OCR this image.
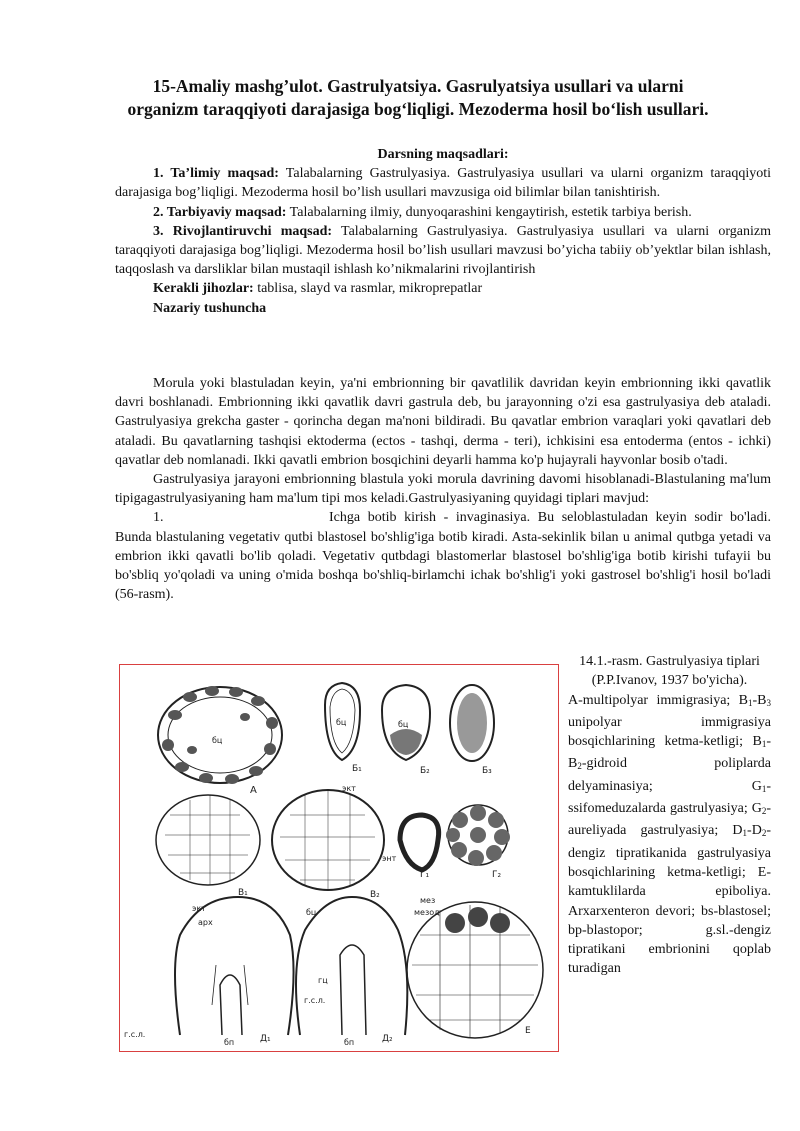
15-Amaliy mashg’ulot. Gastrulyatsiya. Gasrulyatsiya usullari va ularni organizm taraqqiyoti darajasiga bog‘liqligi. Mezoderma hosil bo‘lish usullari.

Darsning maqsadlari:

1. Ta’limiy maqsad: Talabalarning Gastrulyasiya. Gastrulyasiya usullari va ularni organizm taraqqiyoti darajasiga bog’liqligi. Mezoderma hosil bo’lish usullari mavzusiga oid bilimlar bilan tanishtirish.

2. Tarbiyaviy maqsad: Talabalarning ilmiy, dunyoqarashini kengaytirish, estetik tarbiya berish.

3. Rivojlantiruvchi maqsad: Talabalarning Gastrulyasiya. Gastrulyasiya usullari va ularni organizm taraqqiyoti darajasiga bog’liqligi. Mezoderma hosil bo’lish usullari mavzusi bo’yicha tabiiy ob’yektlar bilan ishlash, taqqoslash va darsliklar bilan mustaqil ishlash ko’nikmalarini rivojlantirish

Kerakli jihozlar: tablisa, slayd va rasmlar, mikroprepatlar

Nazariy tushuncha

Morula yoki blastuladan keyin, ya'ni embrionning bir qavatlilik davridan keyin embrionning ikki qavatlik davri boshlanadi. Embrionning ikki qavatlik davri gastrula deb, bu jarayonning o'zi esa gastrulyasiya deb ataladi. Gastrulyasiya grekcha gaster - qorincha degan ma'noni bildiradi. Bu qavatlar embrion varaqlari yoki qavatlari deb ataladi. Bu qavatlarning tashqisi ektoderma (ectos - tashqi, derma - teri), ichkisini esa entoderma (entos - ichki) qavatlar deb nomlanadi. Ikki qavatli embrion bosqichini deyarli hamma ko'p hujayrali hayvonlar bosib o'tadi.

Gastrulyasiya jarayoni embrionning blastula yoki morula davrining davomi hisoblanadi-Blastulaning ma'lum tipigagastrulyasiyaning ham ma'lum tipi mos keladi.Gastrulyasiyaning quyidagi tiplari mavjud:

1.	Ichga botib kirish - invaginasiya. Bu seloblastuladan keyin sodir bo'ladi. Bunda blastulaning vegetativ qutbi blastosel bo'shlig'iga botib kiradi. Asta-sekinlik bilan u animal qutbga yetadi va embrion ikki qavatli bo'lib qoladi. Vegetativ qutbdagi blastomerlar blastosel bo'shlig'iga botib kirishi tufayii bu bo'sbliq yo'qoladi va uning o'mida boshqa bo'shliq-birlamchi ichak bo'shlig'i yoki gastrosel bo'shlig'i hosil bo'ladi (56-rasm).

бц
А
бц
Б₁
бц
Б₂	Б₃
В₁
экт
энт
В₂
Г₁	Г₂
арх
экт
г.с.л.
бп	Д₁
бц
гц
г.с.л.
бп	Д₂
мез
мезод
Е

14.1.-rasm. Gastrulyasiya tiplari (P.P.Ivanov, 1937 bo'yicha).

A-multipolyar immigrasiya; $B_1-B_3$ unipolyar immigrasiya bosqichlarining ketma-ketligi; $B_1-B_2$-gidroid poliplarda delyaminasiya; $G_1$-ssifomeduzalarda gastrulyasiya; $G_2$-aureliyada gastrulyasiya; $D_1-D_2$-dengiz tipratikanida gastrulyasiya bosqichlarining ketma-ketligi; E-kamtuklilarda epiboliya. Arxarxenteron devori; bs-blastosel; bp-blastopor; g.sl.-dengiz tipratikani embrionini qoplab turadigan
